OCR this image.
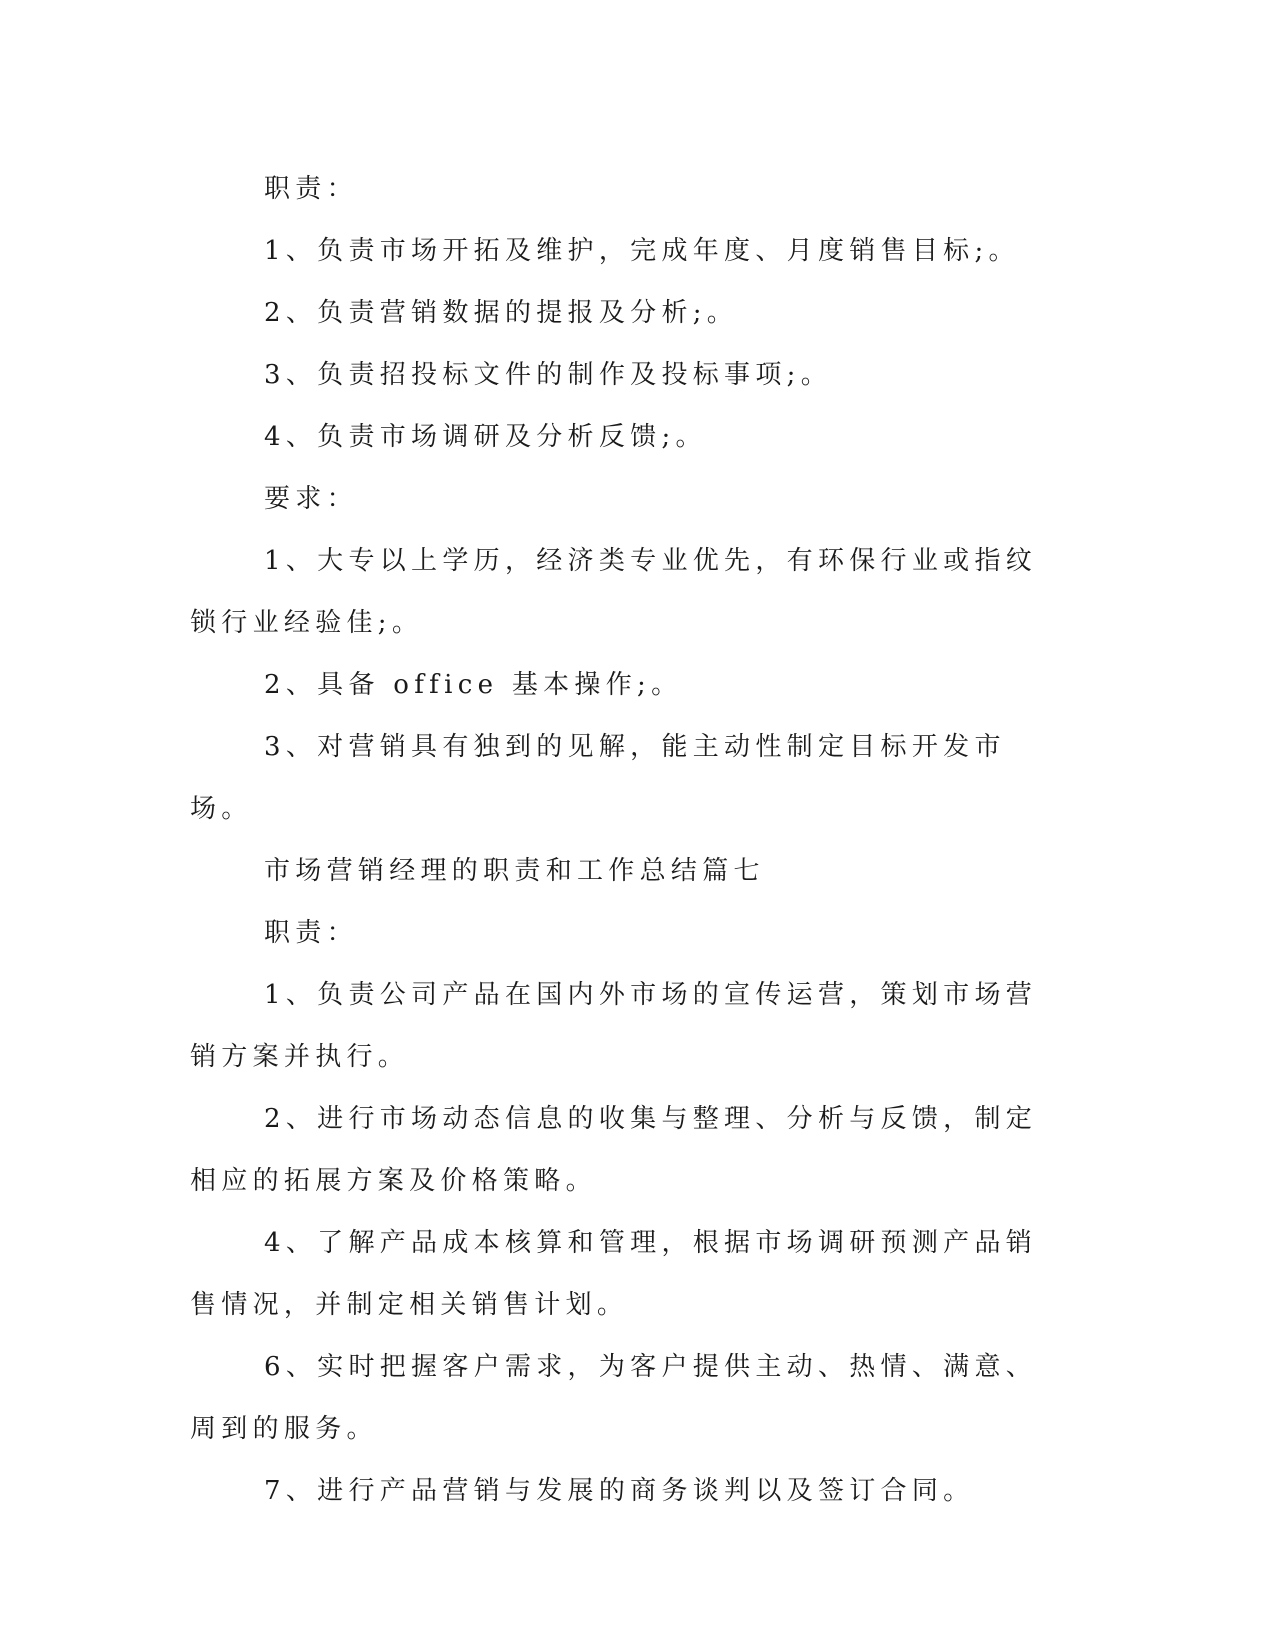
职责：

1、负责市场开拓及维护，完成年度、月度销售目标;。

2、负责营销数据的提报及分析;。

3、负责招投标文件的制作及投标事项;。

4、负责市场调研及分析反馈;。

要求：

1、大专以上学历，经济类专业优先，有环保行业或指纹锁行业经验佳;。

2、具备 office 基本操作;。

3、对营销具有独到的见解，能主动性制定目标开发市场。

市场营销经理的职责和工作总结篇七

职责：

1、负责公司产品在国内外市场的宣传运营，策划市场营销方案并执行。

2、进行市场动态信息的收集与整理、分析与反馈，制定相应的拓展方案及价格策略。

4、了解产品成本核算和管理，根据市场调研预测产品销售情况，并制定相关销售计划。

6、实时把握客户需求，为客户提供主动、热情、满意、周到的服务。

7、进行产品营销与发展的商务谈判以及签订合同。
